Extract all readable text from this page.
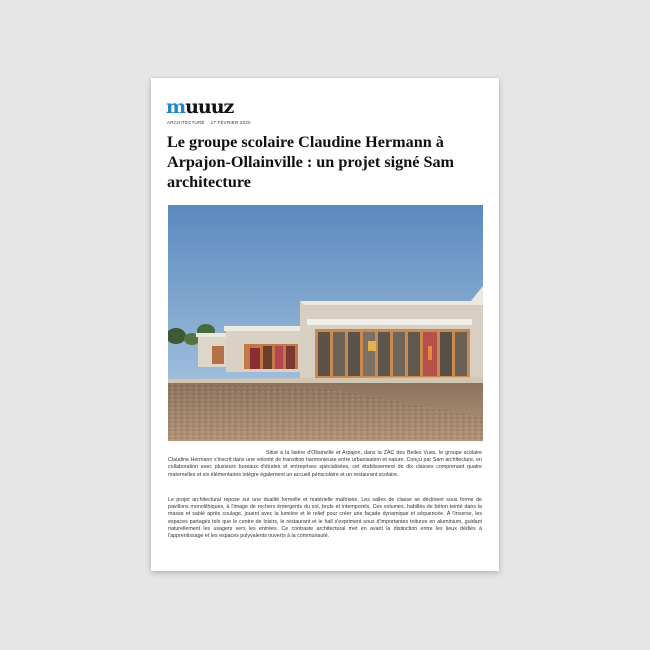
muuuz
ARCHITECTURE 17 FÉVRIER 2020
Le groupe scolaire Claudine Hermann à Arpajon-Ollainville : un projet signé Sam architecture

Situé à la lisière d'Ollainville et Arpajon, dans la ZAC des Belles Vues, le groupe scolaire Claudine Hermann s'inscrit dans une volonté de transition harmonieuse entre urbanisation et nature. Conçu par Sam architecture, en collaboration avec plusieurs bureaux d'études et entreprises spécialisées, cet établissement de dix classes comprenant quatre maternelles et six élémentaires intègre également un accueil périscolaire et un restaurant scolaire.

Le projet architectural repose sur une dualité formelle et matérielle maîtrisée. Les salles de classe se déclinent sous forme de pavillons monolithiques, à l'image de rochers émergents du sol, bruts et intemporels. Ces volumes, habillés de béton teinté dans la masse et sablé après coulage, jouent avec la lumière et le relief pour créer une façade dynamique et séquencée. À l'inverse, les espaces partagés tels que le centre de loisirs, le restaurant et le hall s'expriment sous d'importantes toitures en aluminium, guidant naturellement les usagers vers les entrées. Ce contraste architectural met en avant la distinction entre les lieux dédiés à l'apprentissage et les espaces polyvalents ouverts à la communauté.
